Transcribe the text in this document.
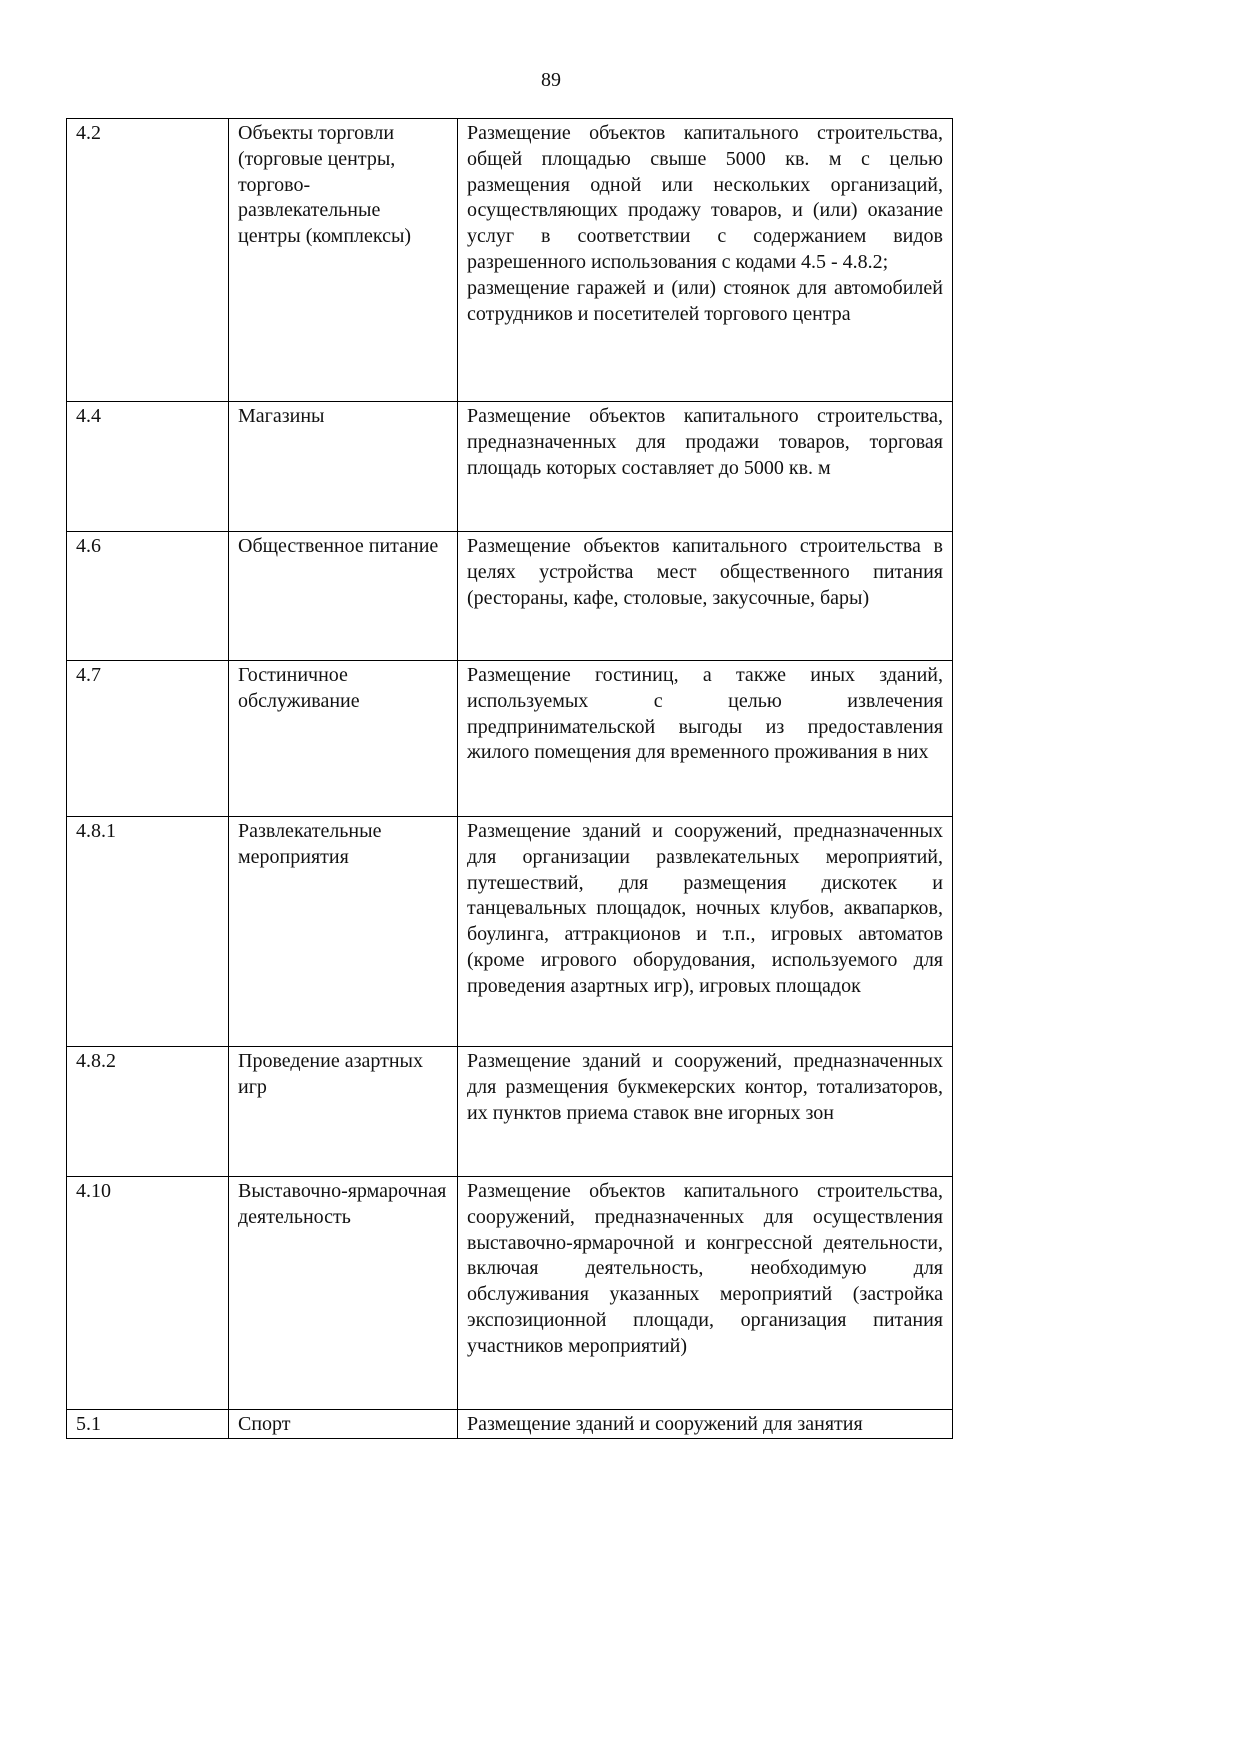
89
4.2	Объекты торговли (торговые центры, торгово-развлекательные центры (комплексы)	Размещение объектов капитального строительства, общей площадью свыше 5000 кв. м с целью размещения одной или нескольких организаций, осуществляющих продажу товаров, и (или) оказание услуг в соответствии с содержанием видов разрешенного использования с кодами 4.5 - 4.8.2;
размещение гаражей и (или) стоянок для автомобилей сотрудников и посетителей торгового центра

4.4	Магазины	Размещение объектов капитального строительства, предназначенных для продажи товаров, торговая площадь которых составляет до 5000 кв. м

4.6	Общественное питание	Размещение объектов капитального строительства в целях устройства мест общественного питания (рестораны, кафе, столовые, закусочные, бары)

4.7	Гостиничное обслуживание	Размещение гостиниц, а также иных зданий, используемых с целью извлечения предпринимательской выгоды из предоставления жилого помещения для временного проживания в них

4.8.1	Развлекательные мероприятия	Размещение зданий и сооружений, предназначенных для организации развлекательных мероприятий, путешествий, для размещения дискотек и танцевальных площадок, ночных клубов, аквапарков, боулинга, аттракционов и т.п., игровых автоматов (кроме игрового оборудования, используемого для проведения азартных игр), игровых площадок

4.8.2	Проведение азартных игр	Размещение зданий и сооружений, предназначенных для размещения букмекерских контор, тотализаторов, их пунктов приема ставок вне игорных зон

4.10	Выставочно-ярмарочная деятельность	Размещение объектов капитального строительства, сооружений, предназначенных для осуществления выставочно-ярмарочной и конгрессной деятельности, включая деятельность, необходимую для обслуживания указанных мероприятий (застройка экспозиционной площади, организация питания участников мероприятий)

5.1	Спорт	Размещение зданий и сооружений для занятия
